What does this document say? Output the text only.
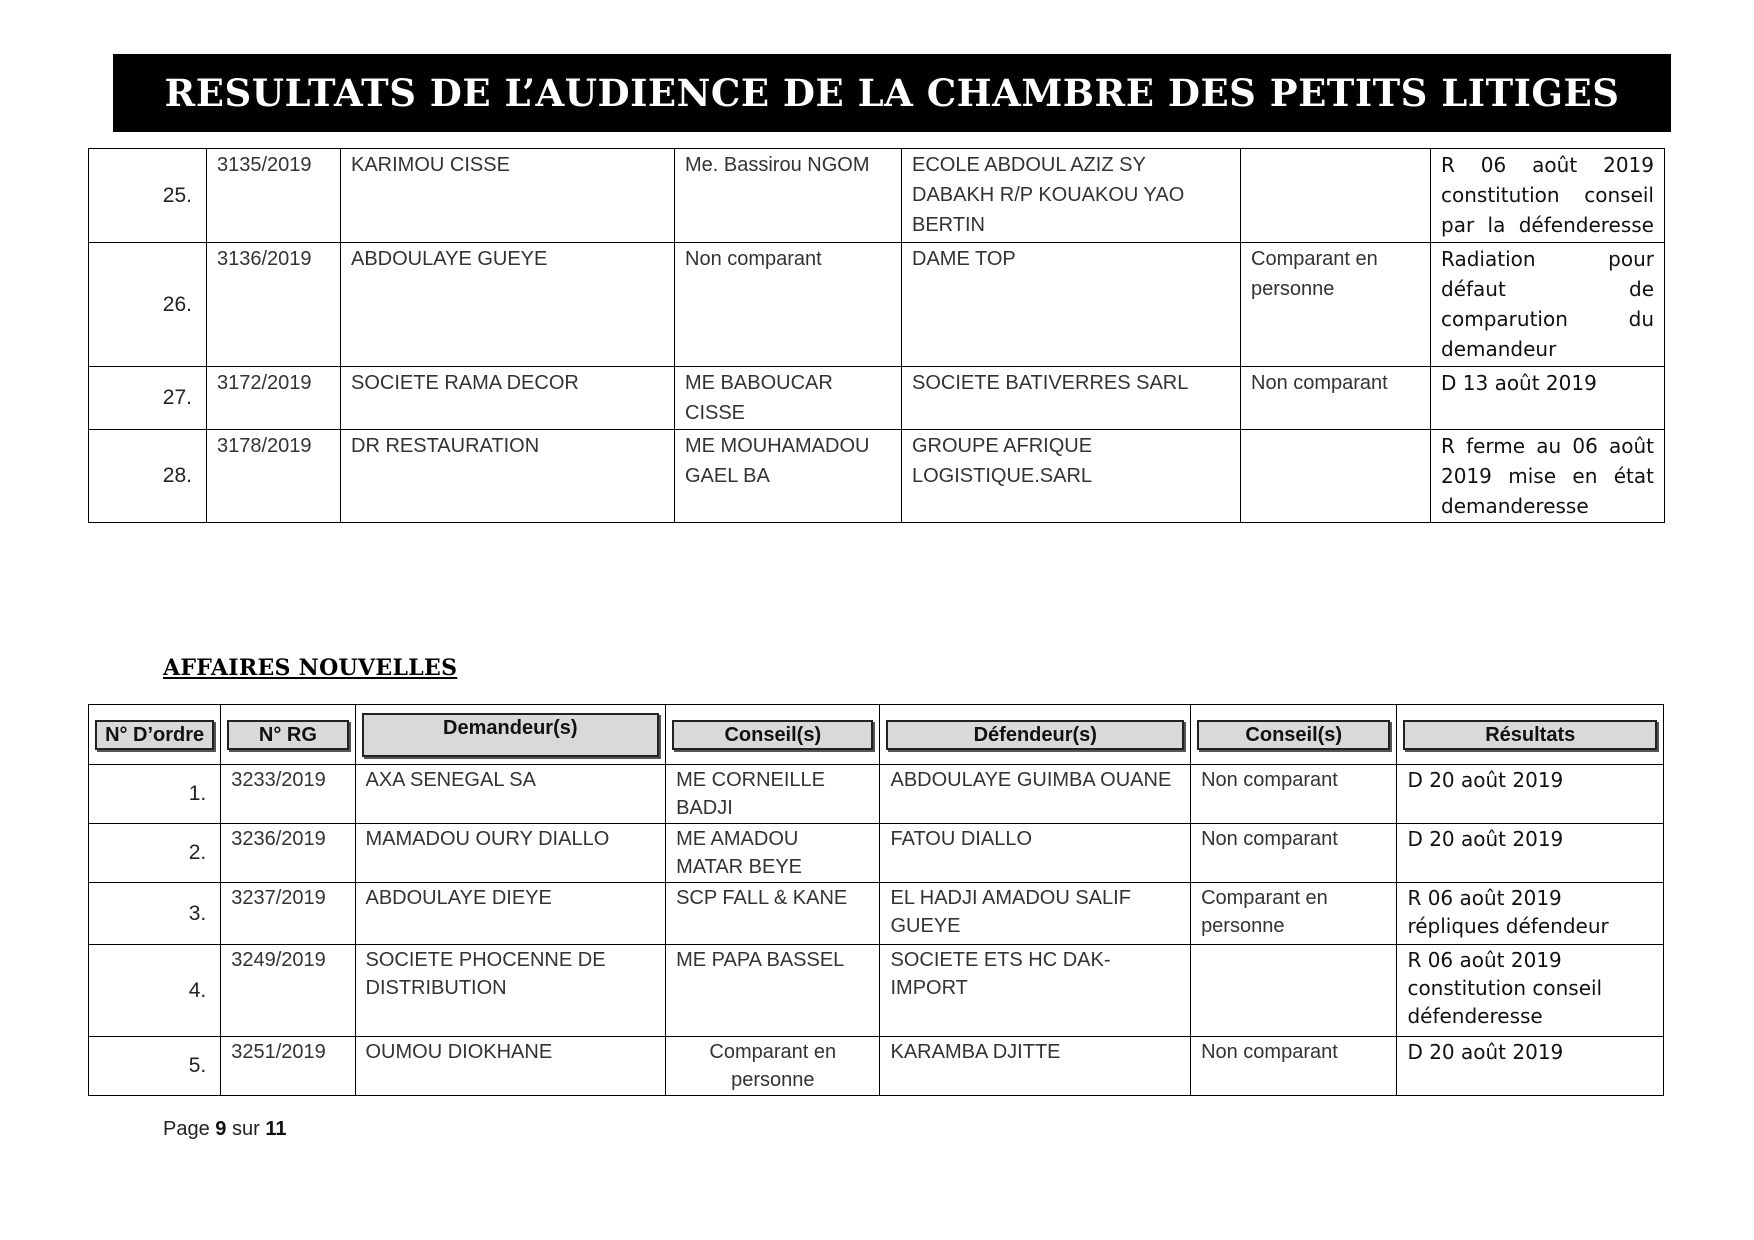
RESULTATS DE L’AUDIENCE DE LA CHAMBRE DES PETITS LITIGES
25.	3135/2019	KARIMOU CISSE	Me. Bassirou NGOM	ECOLE ABDOUL AZIZ SY DABAKH R/P KOUAKOU YAO BERTIN		R 06 août 2019 constitution conseil par la défenderesse
26.	3136/2019	ABDOULAYE GUEYE	Non comparant	DAME TOP	Comparant en personne	Radiation pour défaut de comparution du demandeur
27.	3172/2019	SOCIETE RAMA DECOR	ME BABOUCAR CISSE	SOCIETE BATIVERRES SARL	Non comparant	D 13 août 2019
28.	3178/2019	DR RESTAURATION	ME MOUHAMADOU GAEL BA	GROUPE AFRIQUE LOGISTIQUE.SARL		R ferme au 06 août 2019 mise en état demanderesse
AFFAIRES NOUVELLES
N° D’ordre	N° RG	Demandeur(s)	Conseil(s)	Défendeur(s)	Conseil(s)	Résultats

1.	3233/2019	AXA SENEGAL SA	ME CORNEILLE BADJI	ABDOULAYE GUIMBA OUANE	Non comparant	D 20 août 2019
2.	3236/2019	MAMADOU OURY DIALLO	ME AMADOU MATAR BEYE	FATOU DIALLO	Non comparant	D 20 août 2019
3.	3237/2019	ABDOULAYE DIEYE	SCP FALL & KANE	EL HADJI AMADOU SALIF GUEYE	Comparant en personne	R 06 août 2019 répliques défendeur
4.	3249/2019	SOCIETE PHOCENNE DE DISTRIBUTION	ME PAPA BASSEL	SOCIETE ETS HC DAK-IMPORT		R 06 août 2019 constitution conseil défenderesse
5.	3251/2019	OUMOU DIOKHANE	Comparant en personne	KARAMBA DJITTE	Non comparant	D 20 août 2019
Page 9 sur 11
